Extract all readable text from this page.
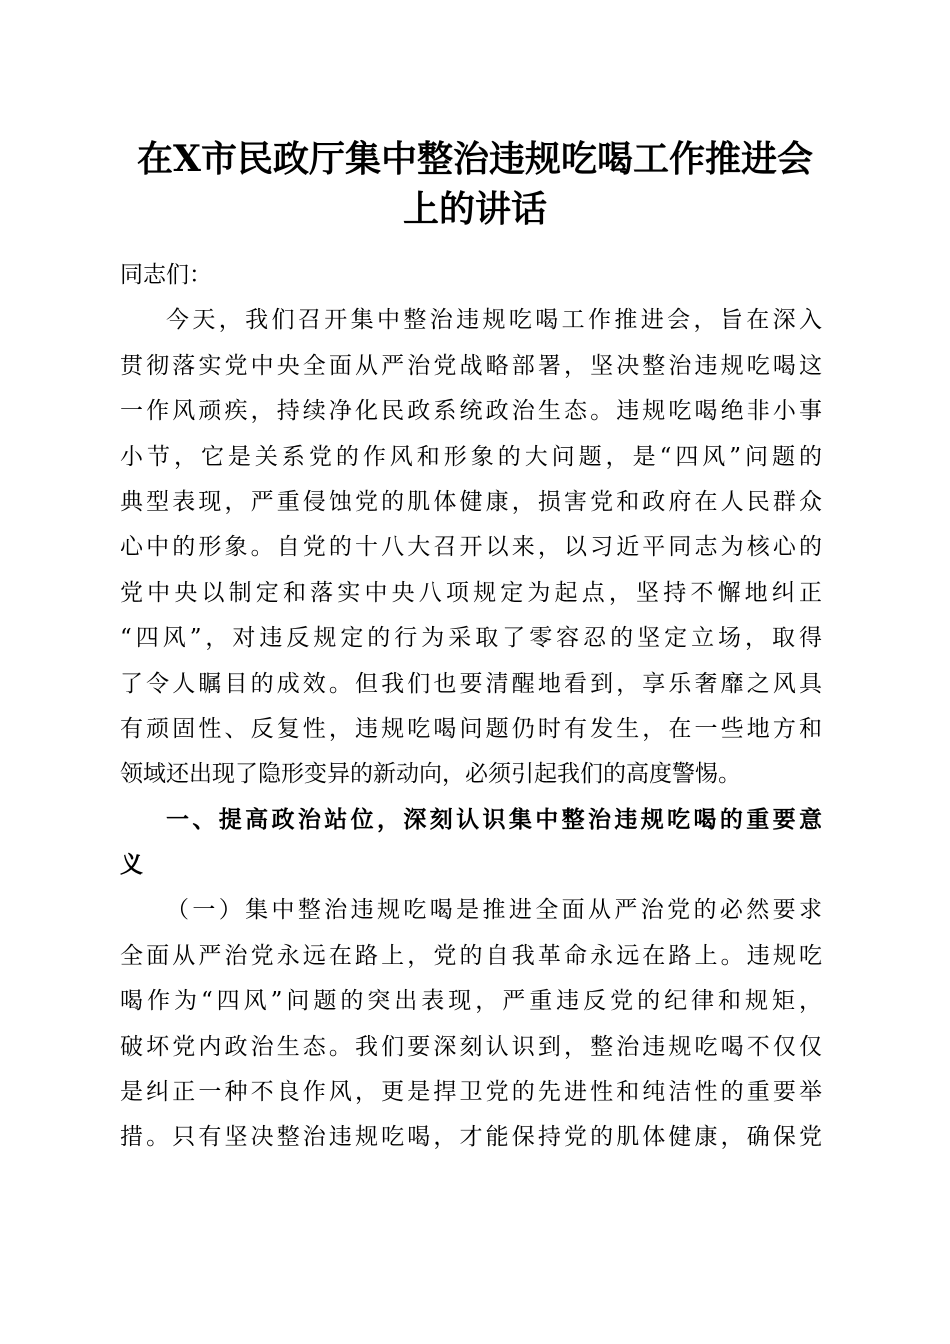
在X市民政厅集中整治违规吃喝工作推进会
上的讲话
同志们：
今天，我们召开集中整治违规吃喝工作推进会，旨在深入
贯彻落实党中央全面从严治党战略部署，坚决整治违规吃喝这
一作风顽疾，持续净化民政系统政治生态。违规吃喝绝非小事
小节，它是关系党的作风和形象的大问题，是“四风”问题的
典型表现，严重侵蚀党的肌体健康，损害党和政府在人民群众
心中的形象。自党的十八大召开以来，以习近平同志为核心的
党中央以制定和落实中央八项规定为起点，坚持不懈地纠正
“四风”，对违反规定的行为采取了零容忍的坚定立场，取得
了令人瞩目的成效。但我们也要清醒地看到，享乐奢靡之风具
有顽固性、反复性，违规吃喝问题仍时有发生，在一些地方和
领域还出现了隐形变异的新动向，必须引起我们的高度警惕。
一、提高政治站位，深刻认识集中整治违规吃喝的重要意
义
（一）集中整治违规吃喝是推进全面从严治党的必然要求
全面从严治党永远在路上，党的自我革命永远在路上。违规吃
喝作为“四风”问题的突出表现，严重违反党的纪律和规矩，
破坏党内政治生态。我们要深刻认识到，整治违规吃喝不仅仅
是纠正一种不良作风，更是捍卫党的先进性和纯洁性的重要举
措。只有坚决整治违规吃喝，才能保持党的肌体健康，确保党
